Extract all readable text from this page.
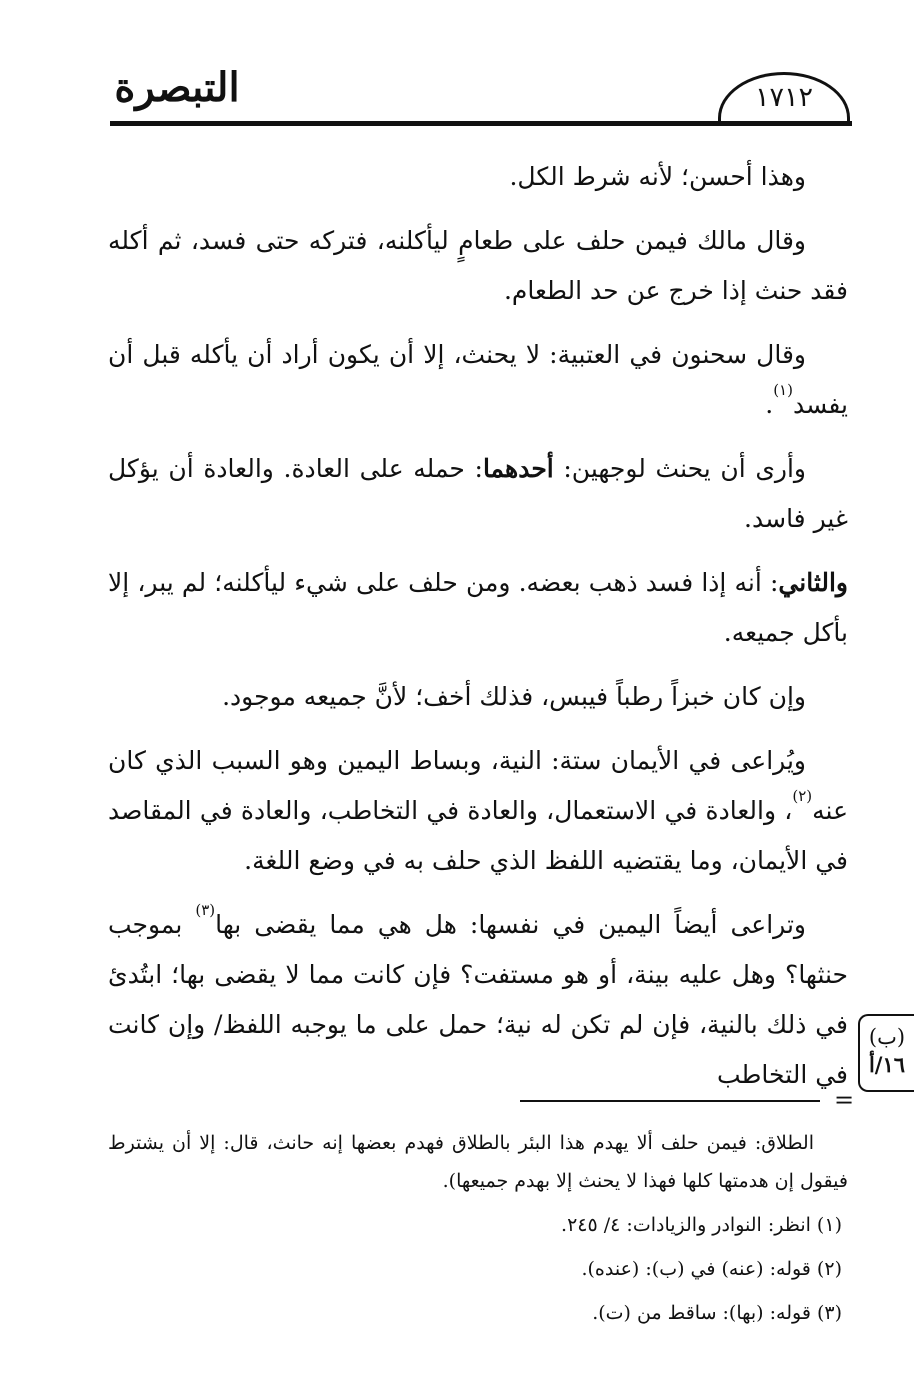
التبصرة	١٧١٢

وهذا أحسن؛ لأنه شرط الكل.

وقال مالك فيمن حلف على طعامٍ ليأكلنه، فتركه حتى فسد، ثم أكله فقد حنث إذا خرج عن حد الطعام.

وقال سحنون في العتبية: لا يحنث، إلا أن يكون أراد أن يأكله قبل أن يفسد$^{(١)}$.

وأرى أن يحنث لوجهين: أحدهما: حمله على العادة. والعادة أن يؤكل غير فاسد.

والثاني: أنه إذا فسد ذهب بعضه. ومن حلف على شيء ليأكلنه؛ لم يبر، إلا بأكل جميعه.

وإن كان خبزاً رطباً فيبس، فذلك أخف؛ لأنَّ جميعه موجود.

ويُراعى في الأيمان ستة: النية، وبساط اليمين وهو السبب الذي كان عنه$^{(٢)}$، والعادة في الاستعمال، والعادة في التخاطب، والعادة في المقاصد في الأيمان، وما يقتضيه اللفظ الذي حلف به في وضع اللغة.

وتراعى أيضاً اليمين في نفسها: هل هي مما يقضى بها$^{(٣)}$ بموجب حنثها؟ وهل عليه بينة، أو هو مستفت؟ فإن كانت مما لا يقضى بها؛ ابتُدئ في ذلك بالنية، فإن لم تكن له نية؛ حمل على ما يوجبه اللفظ/ وإن كانت في التخاطب

(ب)
١٦/أ
=

الطلاق: فيمن حلف ألا يهدم هذا البئر بالطلاق فهدم بعضها إنه حانث، قال: إلا أن يشترط فيقول إن هدمتها كلها فهذا لا يحنث إلا بهدم جميعها).

(١) انظر: النوادر والزيادات: ٤/ ٢٤٥.

(٢) قوله: (عنه) في (ب): (عنده).

(٣) قوله: (بها): ساقط من (ت).
